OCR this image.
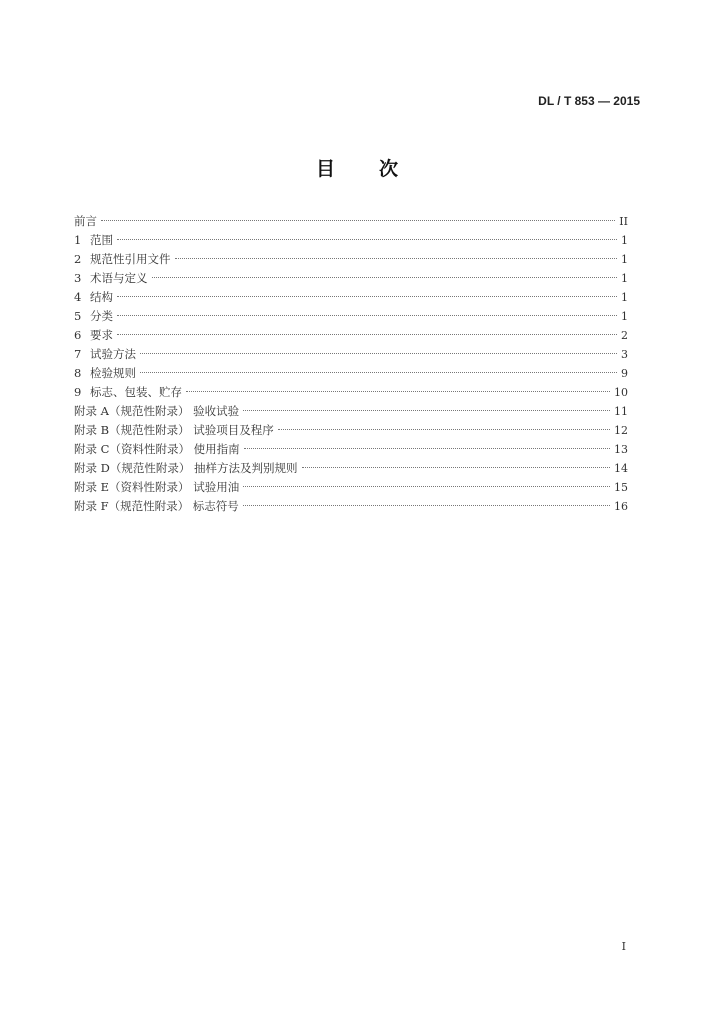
DL / T 853 — 2015
目次
前言	II
1 范围	1
2 规范性引用文件	1
3 术语与定义	1
4 结构	1
5 分类	1
6 要求	2
7 试验方法	3
8 检验规则	9
9 标志、包装、贮存	10
附录 A（规范性附录） 验收试验	11
附录 B（规范性附录） 试验项目及程序	12
附录 C（资料性附录） 使用指南	13
附录 D（规范性附录） 抽样方法及判别规则	14
附录 E（资料性附录） 试验用油	15
附录 F（规范性附录） 标志符号	16
I
